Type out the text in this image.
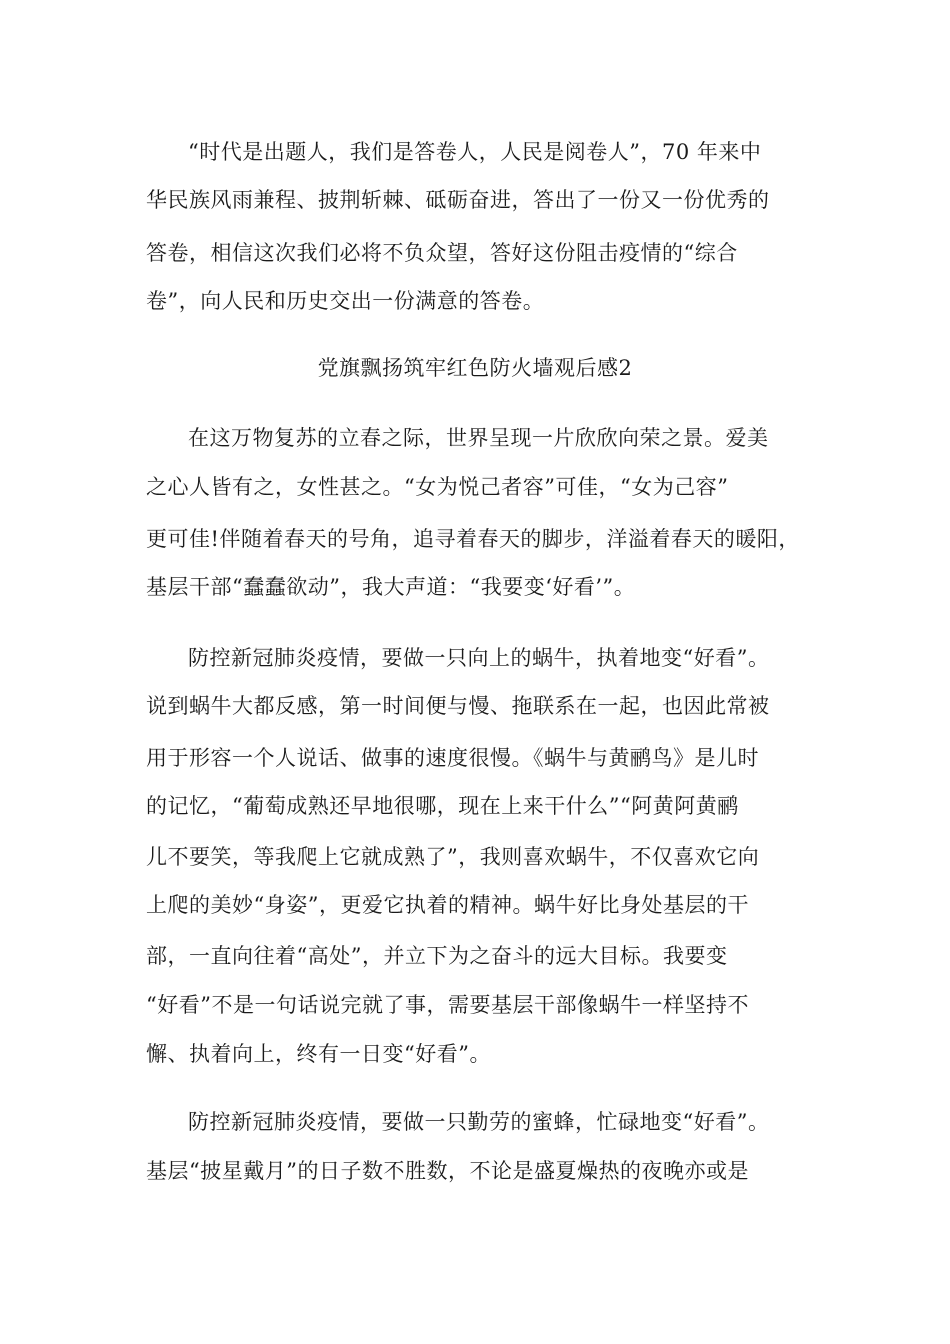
“时代是出题人，我们是答卷人，人民是阅卷人”，70 年来中
华民族风雨兼程、披荆斩棘、砥砺奋进，答出了一份又一份优秀的
答卷，相信这次我们必将不负众望，答好这份阻击疫情的“综合
卷”，向人民和历史交出一份满意的答卷。
党旗飘扬筑牢红色防火墙观后感2
在这万物复苏的立春之际，世界呈现一片欣欣向荣之景。爱美
之心人皆有之，女性甚之。“女为悦己者容”可佳，“女为己容”
更可佳!伴随着春天的号角，追寻着春天的脚步，洋溢着春天的暖阳，
基层干部“蠢蠢欲动”，我大声道：“我要变‘好看’”。
防控新冠肺炎疫情，要做一只向上的蜗牛，执着地变“好看”。
说到蜗牛大都反感，第一时间便与慢、拖联系在一起，也因此常被
用于形容一个人说话、做事的速度很慢。《蜗牛与黄鹂鸟》是儿时
的记忆，“葡萄成熟还早地很哪，现在上来干什么”“阿黄阿黄鹂
儿不要笑，等我爬上它就成熟了”，我则喜欢蜗牛，不仅喜欢它向
上爬的美妙“身姿”，更爱它执着的精神。蜗牛好比身处基层的干
部，一直向往着“高处”，并立下为之奋斗的远大目标。我要变
“好看”不是一句话说完就了事，需要基层干部像蜗牛一样坚持不
懈、执着向上，终有一日变“好看”。
防控新冠肺炎疫情，要做一只勤劳的蜜蜂，忙碌地变“好看”。
基层“披星戴月”的日子数不胜数，不论是盛夏燥热的夜晚亦或是
